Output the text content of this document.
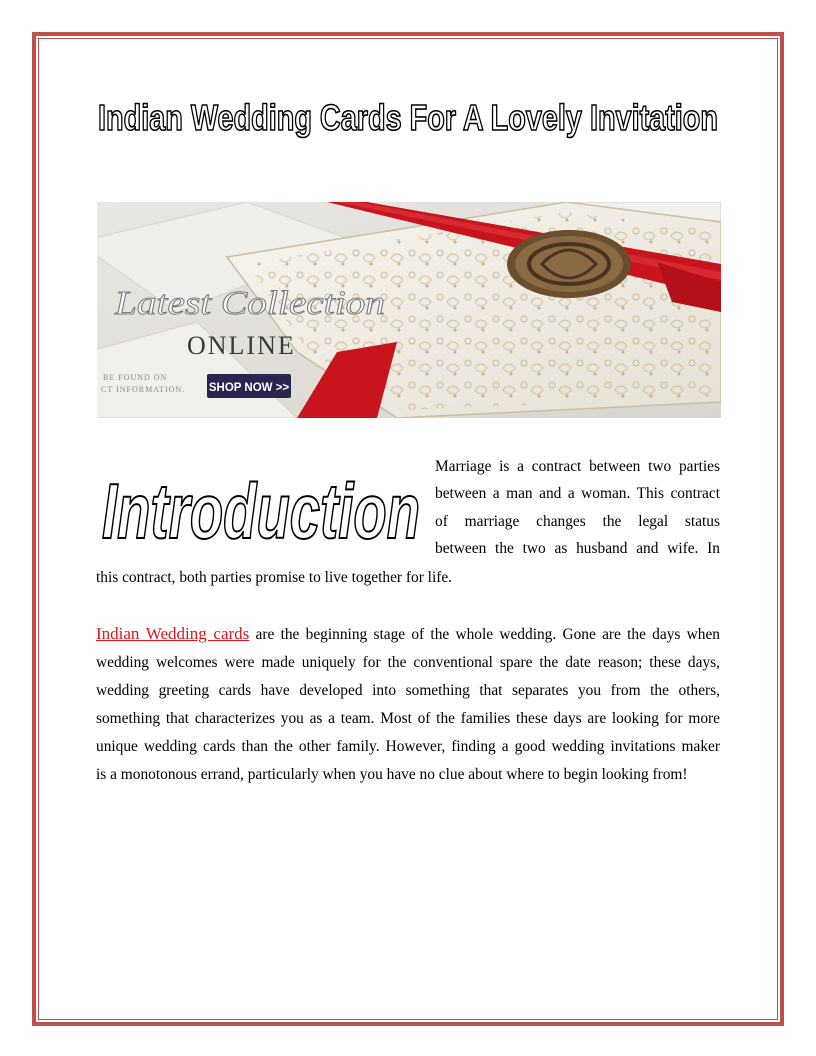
Indian Wedding Cards For A Lovely Invitation
Latest Collection
ONLINE
BE FOUND ON
CT INFORMATION. SHOP NOW >>
Introduction
Marriage is a contract between two parties
between a man and a woman. This contract
of marriage changes the legal status
between the two as husband and wife. In
this contract, both parties promise to live together for life.
Indian Wedding cards are the beginning stage of the whole wedding. Gone are the days when
wedding welcomes were made uniquely for the conventional spare the date reason; these days,
wedding greeting cards have developed into something that separates you from the others,
something that characterizes you as a team. Most of the families these days are looking for more
unique wedding cards than the other family. However, finding a good wedding invitations maker
is a monotonous errand, particularly when you have no clue about where to begin looking from!
